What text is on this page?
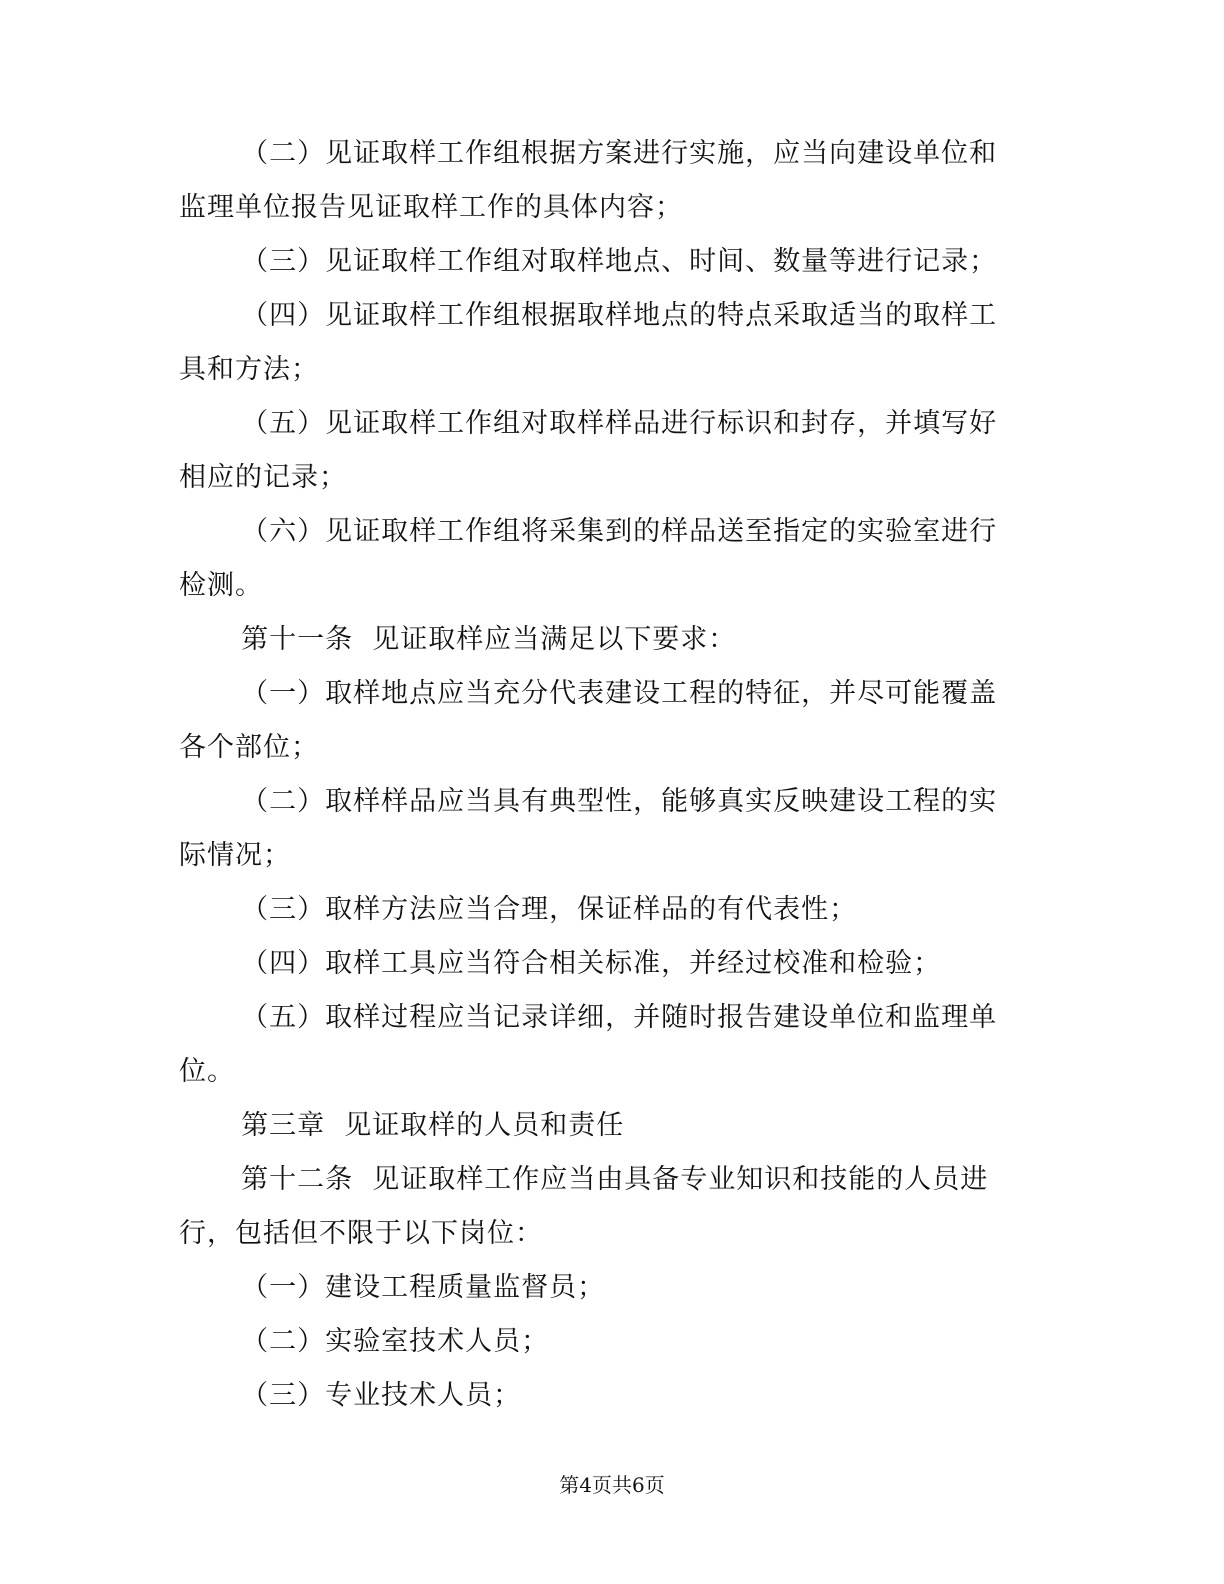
（二）见证取样工作组根据方案进行实施，应当向建设单位和监理单位报告见证取样工作的具体内容；

（三）见证取样工作组对取样地点、时间、数量等进行记录；

（四）见证取样工作组根据取样地点的特点采取适当的取样工具和方法；

（五）见证取样工作组对取样样品进行标识和封存，并填写好相应的记录；

（六）见证取样工作组将采集到的样品送至指定的实验室进行检测。

第十一条  见证取样应当满足以下要求：

（一）取样地点应当充分代表建设工程的特征，并尽可能覆盖各个部位；

（二）取样样品应当具有典型性，能够真实反映建设工程的实际情况；

（三）取样方法应当合理，保证样品的有代表性；

（四）取样工具应当符合相关标准，并经过校准和检验；

（五）取样过程应当记录详细，并随时报告建设单位和监理单位。

第三章  见证取样的人员和责任

第十二条  见证取样工作应当由具备专业知识和技能的人员进行，包括但不限于以下岗位：

（一）建设工程质量监督员；

（二）实验室技术人员；

（三）专业技术人员；

第4页共6页
